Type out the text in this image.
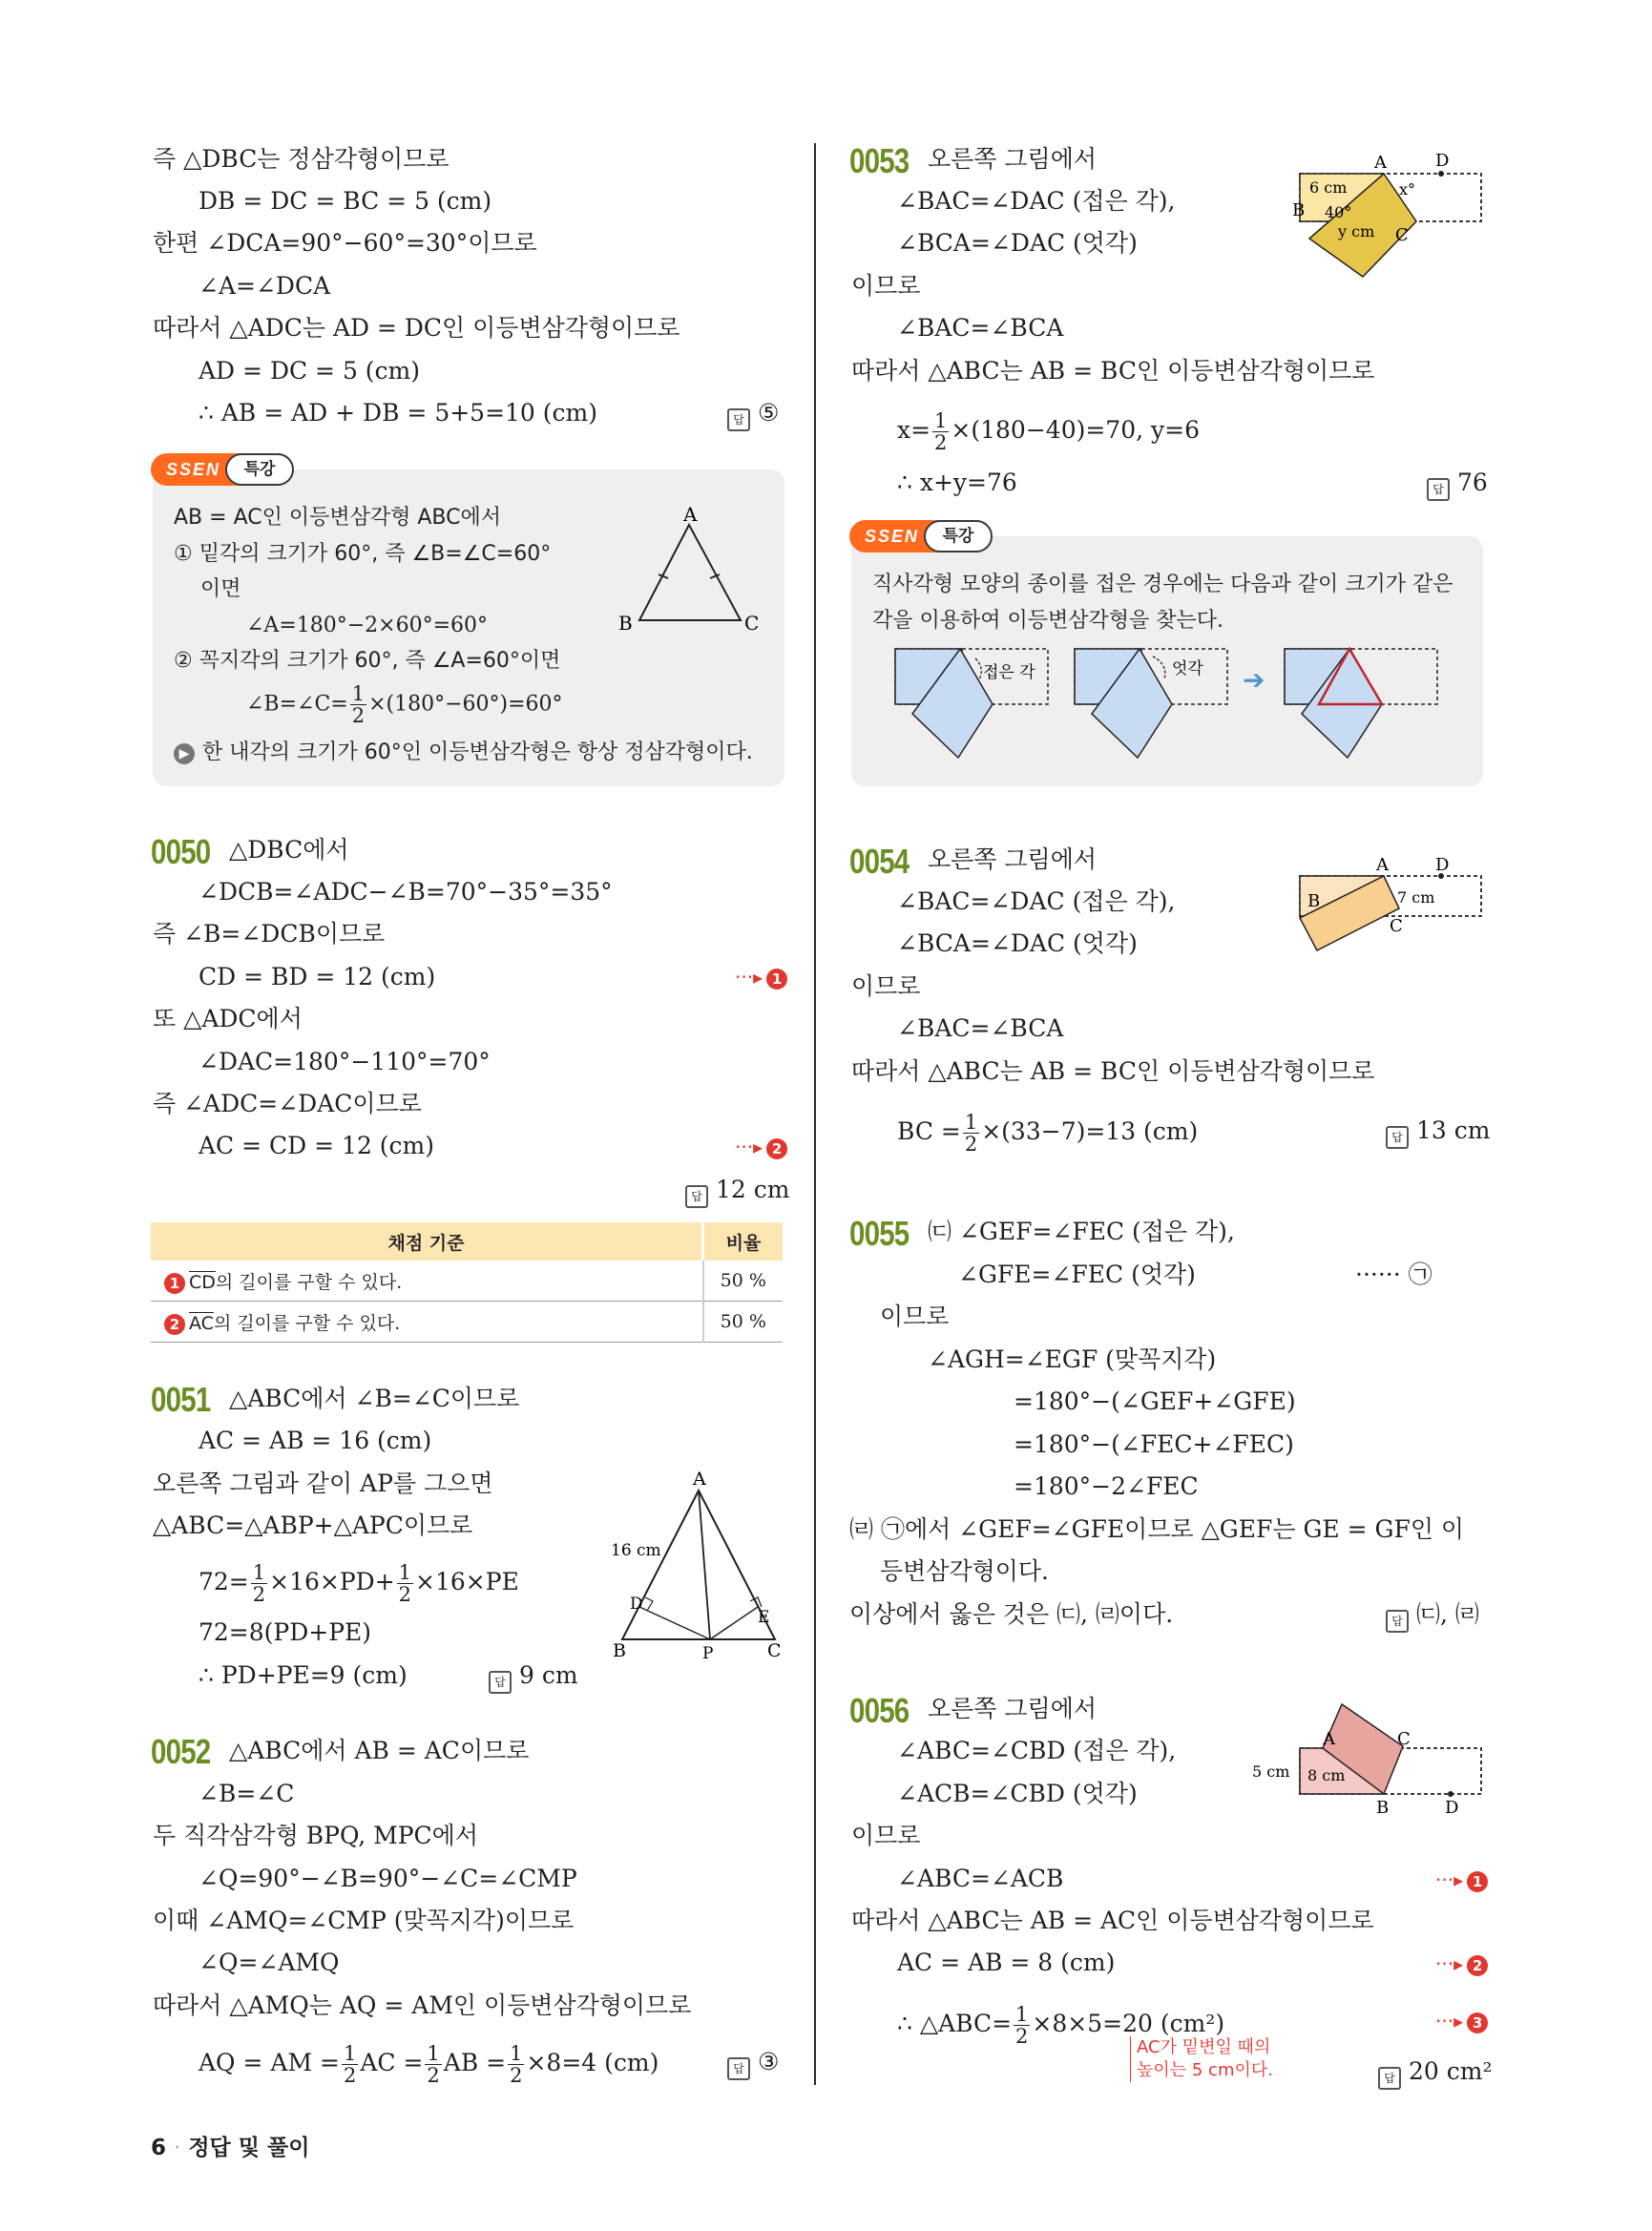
즉 △DBC는 정삼각형이므로
DB = DC = BC = 5 (cm)
한편 ∠DCA=90°−60°=30°이므로
∠A=∠DCA
따라서 △ADC는 AD = DC인 이등변삼각형이므로
AD = DC = 5 (cm)
∴ AB = AD + DB = 5+5=10 (cm)	답 ⑤
SSEN	특강
AB = AC인 이등변삼각형 ABC에서
① 밑각의 크기가 60°, 즉 ∠B=∠C=60°
이면
∠A=180°−2×60°=60°
② 꼭지각의 크기가 60°, 즉 ∠A=60°이면
∠B=∠C= $\frac{1}{2} \times(180^\circ-60^\circ)=60^\circ$
▶ 한 내각의 크기가 60°인 이등변삼각형은 항상 정삼각형이다.
A
B	C
0050 △DBC에서
∠DCB=∠ADC−∠B=70°−35°=35°
즉 ∠B=∠DCB이므로
CD = BD = 12 (cm)	···▸ 1
또 △ADC에서
∠DAC=180°−110°=70°
즉 ∠ADC=∠DAC이므로
AC = CD = 12 (cm)	···▸ 2
답 12 cm
채점 기준	비율
1 $\overline{CD}$의 길이를 구할 수 있다.	50 %
2 $\overline{AC}$의 길이를 구할 수 있다.	50 %
0051 △ABC에서 ∠B=∠C이므로
AC = AB = 16 (cm)
오른쪽 그림과 같이 AP를 그으면
△ABC=△ABP+△APC이므로
$72= \frac{1}{2} \times 16\times PD+ \frac{1}{2} \times 16\times PE$
72=8(PD+PE)
∴ PD+PE=9 (cm)	답 9 cm
A
B	C
D
E
P
16 cm
0052 △ABC에서 AB = AC이므로
∠B=∠C
두 직각삼각형 BPQ, MPC에서
∠Q=90°−∠B=90°−∠C=∠CMP
이때 ∠AMQ=∠CMP (맞꼭지각)이므로
∠Q=∠AMQ
따라서 △AMQ는 AQ = AM인 이등변삼각형이므로
AQ = AM = $\frac{1}{2}$ AC = $\frac{1}{2}$ AB = $\frac{1}{2} \times 8=4$ (cm)	답 ③
6 · 정답 및 풀이
0053 오른쪽 그림에서
∠BAC=∠DAC (접은 각),
∠BCA=∠DAC (엇각)
이므로
∠BAC=∠BCA
따라서 △ABC는 AB = BC인 이등변삼각형이므로
$x= \frac{1}{2} \times(180-40)=70$, y=6
∴ x+y=76	답 76
A	D
B
C
6 cm
40°
x°
y cm
SSEN	특강
직사각형 모양의 종이를 접은 경우에는 다음과 같이 크기가 같은
각을 이용하여 이등변삼각형을 찾는다.
접은 각	엇각 ➔
0054 오른쪽 그림에서
∠BAC=∠DAC (접은 각),
∠BCA=∠DAC (엇각)
이므로
∠BAC=∠BCA
따라서 △ABC는 AB = BC인 이등변삼각형이므로
BC = $\frac{1}{2} \times(33-7)=13$ (cm)	답 13 cm
A	D
B
C
7 cm
0055 ㈂ ∠GEF=∠FEC (접은 각),
∠GFE=∠FEC (엇각)	······ ㉠
이므로
∠AGH=∠EGF (맞꼭지각)
=180°−(∠GEF+∠GFE)
=180°−(∠FEC+∠FEC)
=180°−2∠FEC
㈃ ㉠에서 ∠GEF=∠GFE이므로 △GEF는 GE = GF인 이
등변삼각형이다.
이상에서 옳은 것은 ㈂, ㈃이다.	답 ㈂, ㈃
0056 오른쪽 그림에서
∠ABC=∠CBD (접은 각),
∠ACB=∠CBD (엇각)
이므로
∠ABC=∠ACB	···▸ 1
따라서 △ABC는 AB = AC인 이등변삼각형이므로
AC = AB = 8 (cm)	···▸ 2
∴ △ABC= $\frac{1}{2} \times 8\times 5=20$ (cm²)	···▸ 3
AC가 밑변일 때의
높이는 5 cm이다.	답 20 cm²
A	C
B	D
5 cm 8 cm
